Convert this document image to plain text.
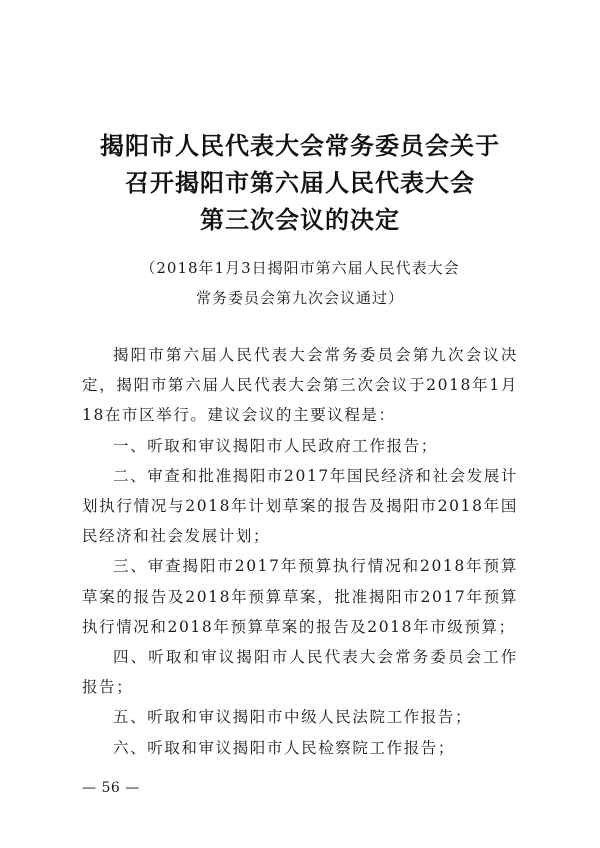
揭阳市人民代表大会常务委员会关于
召开揭阳市第六届人民代表大会
第三次会议的决定
（2018年1月3日揭阳市第六届人民代表大会
常务委员会第九次会议通过）

揭阳市第六届人民代表大会常务委员会第九次会议决定，揭阳市第六届人民代表大会第三次会议于2018年1月18在市区举行。建议会议的主要议程是：

一、听取和审议揭阳市人民政府工作报告；

二、审查和批准揭阳市2017年国民经济和社会发展计划执行情况与2018年计划草案的报告及揭阳市2018年国民经济和社会发展计划；

三、审查揭阳市2017年预算执行情况和2018年预算草案的报告及2018年预算草案，批准揭阳市2017年预算执行情况和2018年预算草案的报告及2018年市级预算；

四、听取和审议揭阳市人民代表大会常务委员会工作报告；

五、听取和审议揭阳市中级人民法院工作报告；

六、听取和审议揭阳市人民检察院工作报告；

— 56 —
